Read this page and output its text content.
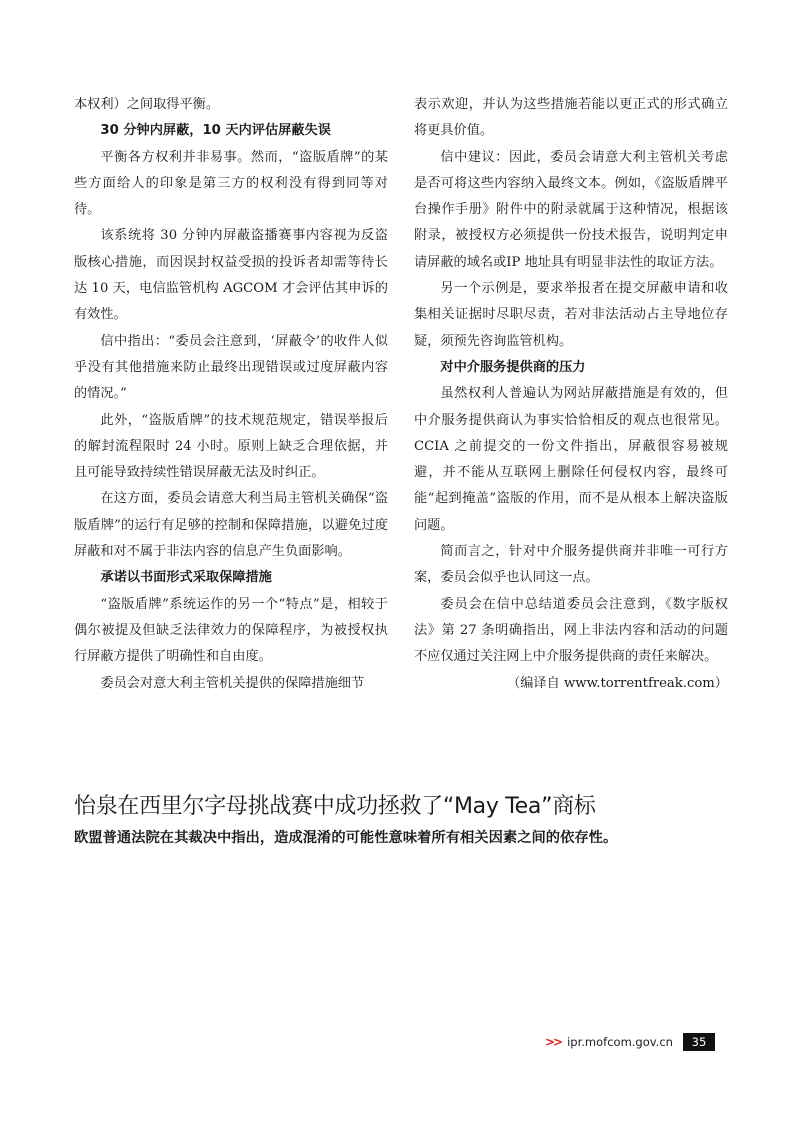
本权利）之间取得平衡。

30 分钟内屏蔽，10 天内评估屏蔽失误

平衡各方权利并非易事。然而，“盗版盾牌”的某些方面给人的印象是第三方的权利没有得到同等对待。

该系统将 30 分钟内屏蔽盗播赛事内容视为反盗版核心措施，而因误封权益受损的投诉者却需等待长达 10 天，电信监管机构 AGCOM 才会评估其申诉的有效性。

信中指出：“委员会注意到，‘屏蔽令’的收件人似乎没有其他措施来防止最终出现错误或过度屏蔽内容的情况。”

此外，“盗版盾牌”的技术规范规定，错误举报后的解封流程限时 24 小时。原则上缺乏合理依据，并且可能导致持续性错误屏蔽无法及时纠正。

在这方面，委员会请意大利当局主管机关确保“盗版盾牌”的运行有足够的控制和保障措施，以避免过度屏蔽和对不属于非法内容的信息产生负面影响。

承诺以书面形式采取保障措施

“盗版盾牌”系统运作的另一个“特点”是，相较于偶尔被提及但缺乏法律效力的保障程序，为被授权执行屏蔽方提供了明确性和自由度。

委员会对意大利主管机关提供的保障措施细节

表示欢迎，并认为这些措施若能以更正式的形式确立将更具价值。

信中建议：因此，委员会请意大利主管机关考虑是否可将这些内容纳入最终文本。例如，《盗版盾牌平台操作手册》附件中的附录就属于这种情况，根据该附录，被授权方必须提供一份技术报告，说明判定申请屏蔽的域名或IP 地址具有明显非法性的取证方法。

另一个示例是，要求举报者在提交屏蔽申请和收集相关证据时尽职尽责，若对非法活动占主导地位存疑，须预先咨询监管机构。

对中介服务提供商的压力

虽然权利人普遍认为网站屏蔽措施是有效的，但中介服务提供商认为事实恰恰相反的观点也很常见。CCIA 之前提交的一份文件指出，屏蔽很容易被规避，并不能从互联网上删除任何侵权内容，最终可能“起到掩盖”盗版的作用，而不是从根本上解决盗版问题。

简而言之，针对中介服务提供商并非唯一可行方案，委员会似乎也认同这一点。

委员会在信中总结道委员会注意到，《数字版权法》第 27 条明确指出，网上非法内容和活动的问题不应仅通过关注网上中介服务提供商的责任来解决。
（编译自 www.torrentfreak.com）

怡泉在西里尔字母挑战赛中成功拯救了“May Tea”商标

欧盟普通法院在其裁决中指出，造成混淆的可能性意味着所有相关因素之间的依存性。

>> ipr.mofcom.gov.cn	35
